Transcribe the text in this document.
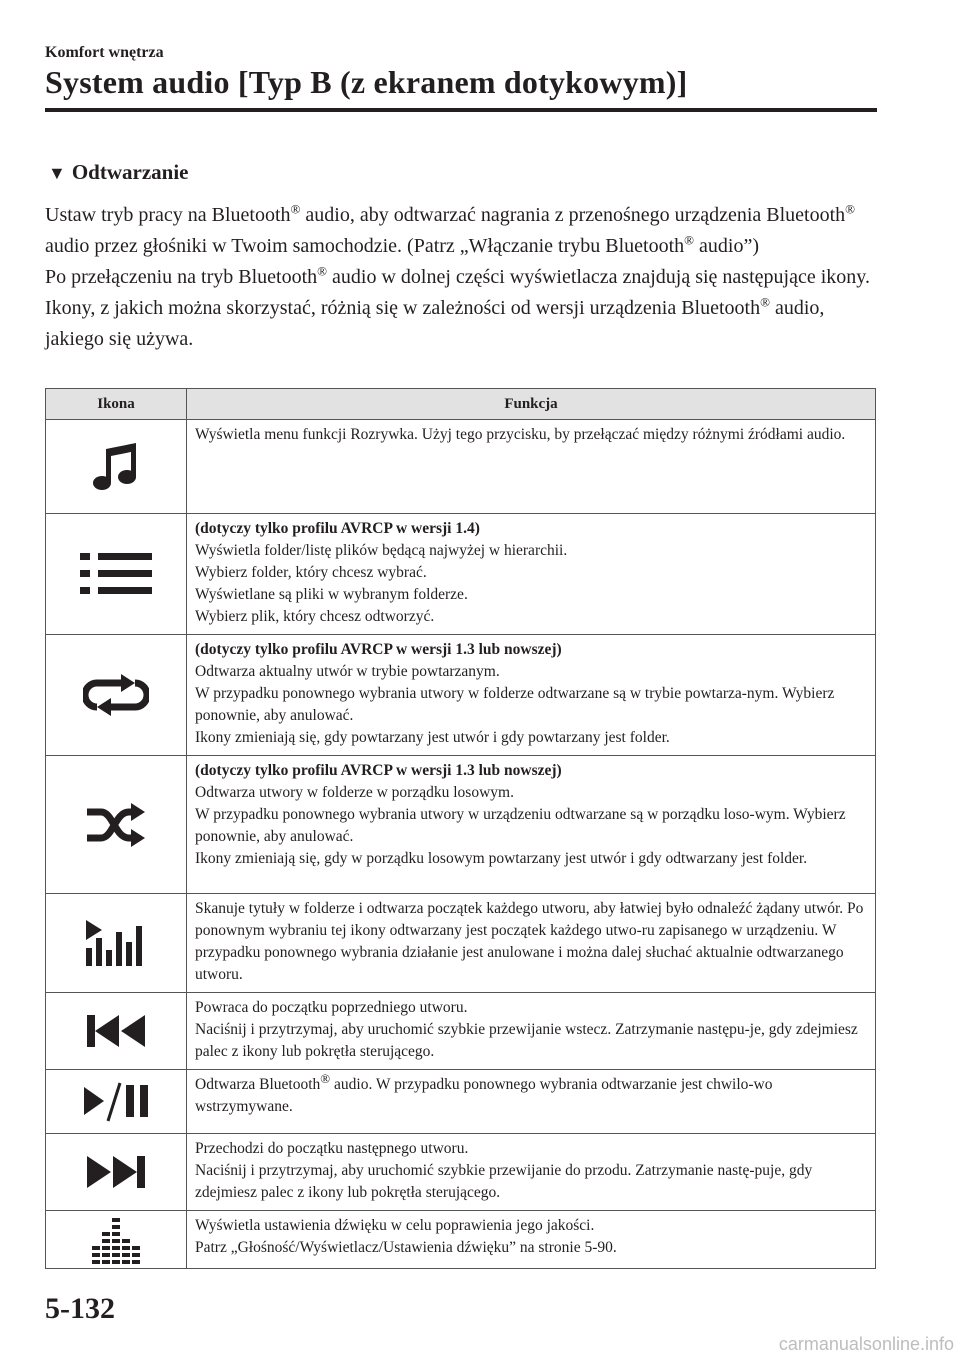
Komfort wnętrza
System audio [Typ B (z ekranem dotykowym)]
▼ Odtwarzanie

Ustaw tryb pracy na Bluetooth® audio, aby odtwarzać nagrania z przenośnego urządzenia Bluetooth® audio przez głośniki w Twoim samochodzie. (Patrz „Włączanie trybu Bluetooth® audio”)

Po przełączeniu na tryb Bluetooth® audio w dolnej części wyświetlacza znajdują się następujące ikony. Ikony, z jakich można skorzystać, różnią się w zależności od wersji urządzenia Bluetooth® audio, jakiego się używa.

Ikona	Funkcja

Wyświetla menu funkcji Rozrywka. Użyj tego przycisku, by przełączać między różnymi źródłami audio.

(dotyczy tylko profilu AVRCP w wersji 1.4)
Wyświetla folder/listę plików będącą najwyżej w hierarchii.
Wybierz folder, który chcesz wybrać.
Wyświetlane są pliki w wybranym folderze.
Wybierz plik, który chcesz odtworzyć.

(dotyczy tylko profilu AVRCP w wersji 1.3 lub nowszej)
Odtwarza aktualny utwór w trybie powtarzanym.
W przypadku ponownego wybrania utwory w folderze odtwarzane są w trybie powtarza-nym. Wybierz ponownie, aby anulować.
Ikony zmieniają się, gdy powtarzany jest utwór i gdy powtarzany jest folder.

(dotyczy tylko profilu AVRCP w wersji 1.3 lub nowszej)
Odtwarza utwory w folderze w porządku losowym.
W przypadku ponownego wybrania utwory w urządzeniu odtwarzane są w porządku loso-wym. Wybierz ponownie, aby anulować.
Ikony zmieniają się, gdy w porządku losowym powtarzany jest utwór i gdy odtwarzany jest folder.

Skanuje tytuły w folderze i odtwarza początek każdego utworu, aby łatwiej było odnaleźć żądany utwór. Po ponownym wybraniu tej ikony odtwarzany jest początek każdego utwo-ru zapisanego w urządzeniu. W przypadku ponownego wybrania działanie jest anulowane i można dalej słuchać aktualnie odtwarzanego utworu.

Powraca do początku poprzedniego utworu.
Naciśnij i przytrzymaj, aby uruchomić szybkie przewijanie wstecz. Zatrzymanie następu-je, gdy zdejmiesz palec z ikony lub pokrętła sterującego.

Odtwarza Bluetooth® audio. W przypadku ponownego wybrania odtwarzanie jest chwilo-wo wstrzymywane.

Przechodzi do początku następnego utworu.
Naciśnij i przytrzymaj, aby uruchomić szybkie przewijanie do przodu. Zatrzymanie nastę-puje, gdy zdejmiesz palec z ikony lub pokrętła sterującego.

Wyświetla ustawienia dźwięku w celu poprawienia jego jakości.
Patrz „Głośność/Wyświetlacz/Ustawienia dźwięku” na stronie 5-90.
5-132
carmanualsonline.info
